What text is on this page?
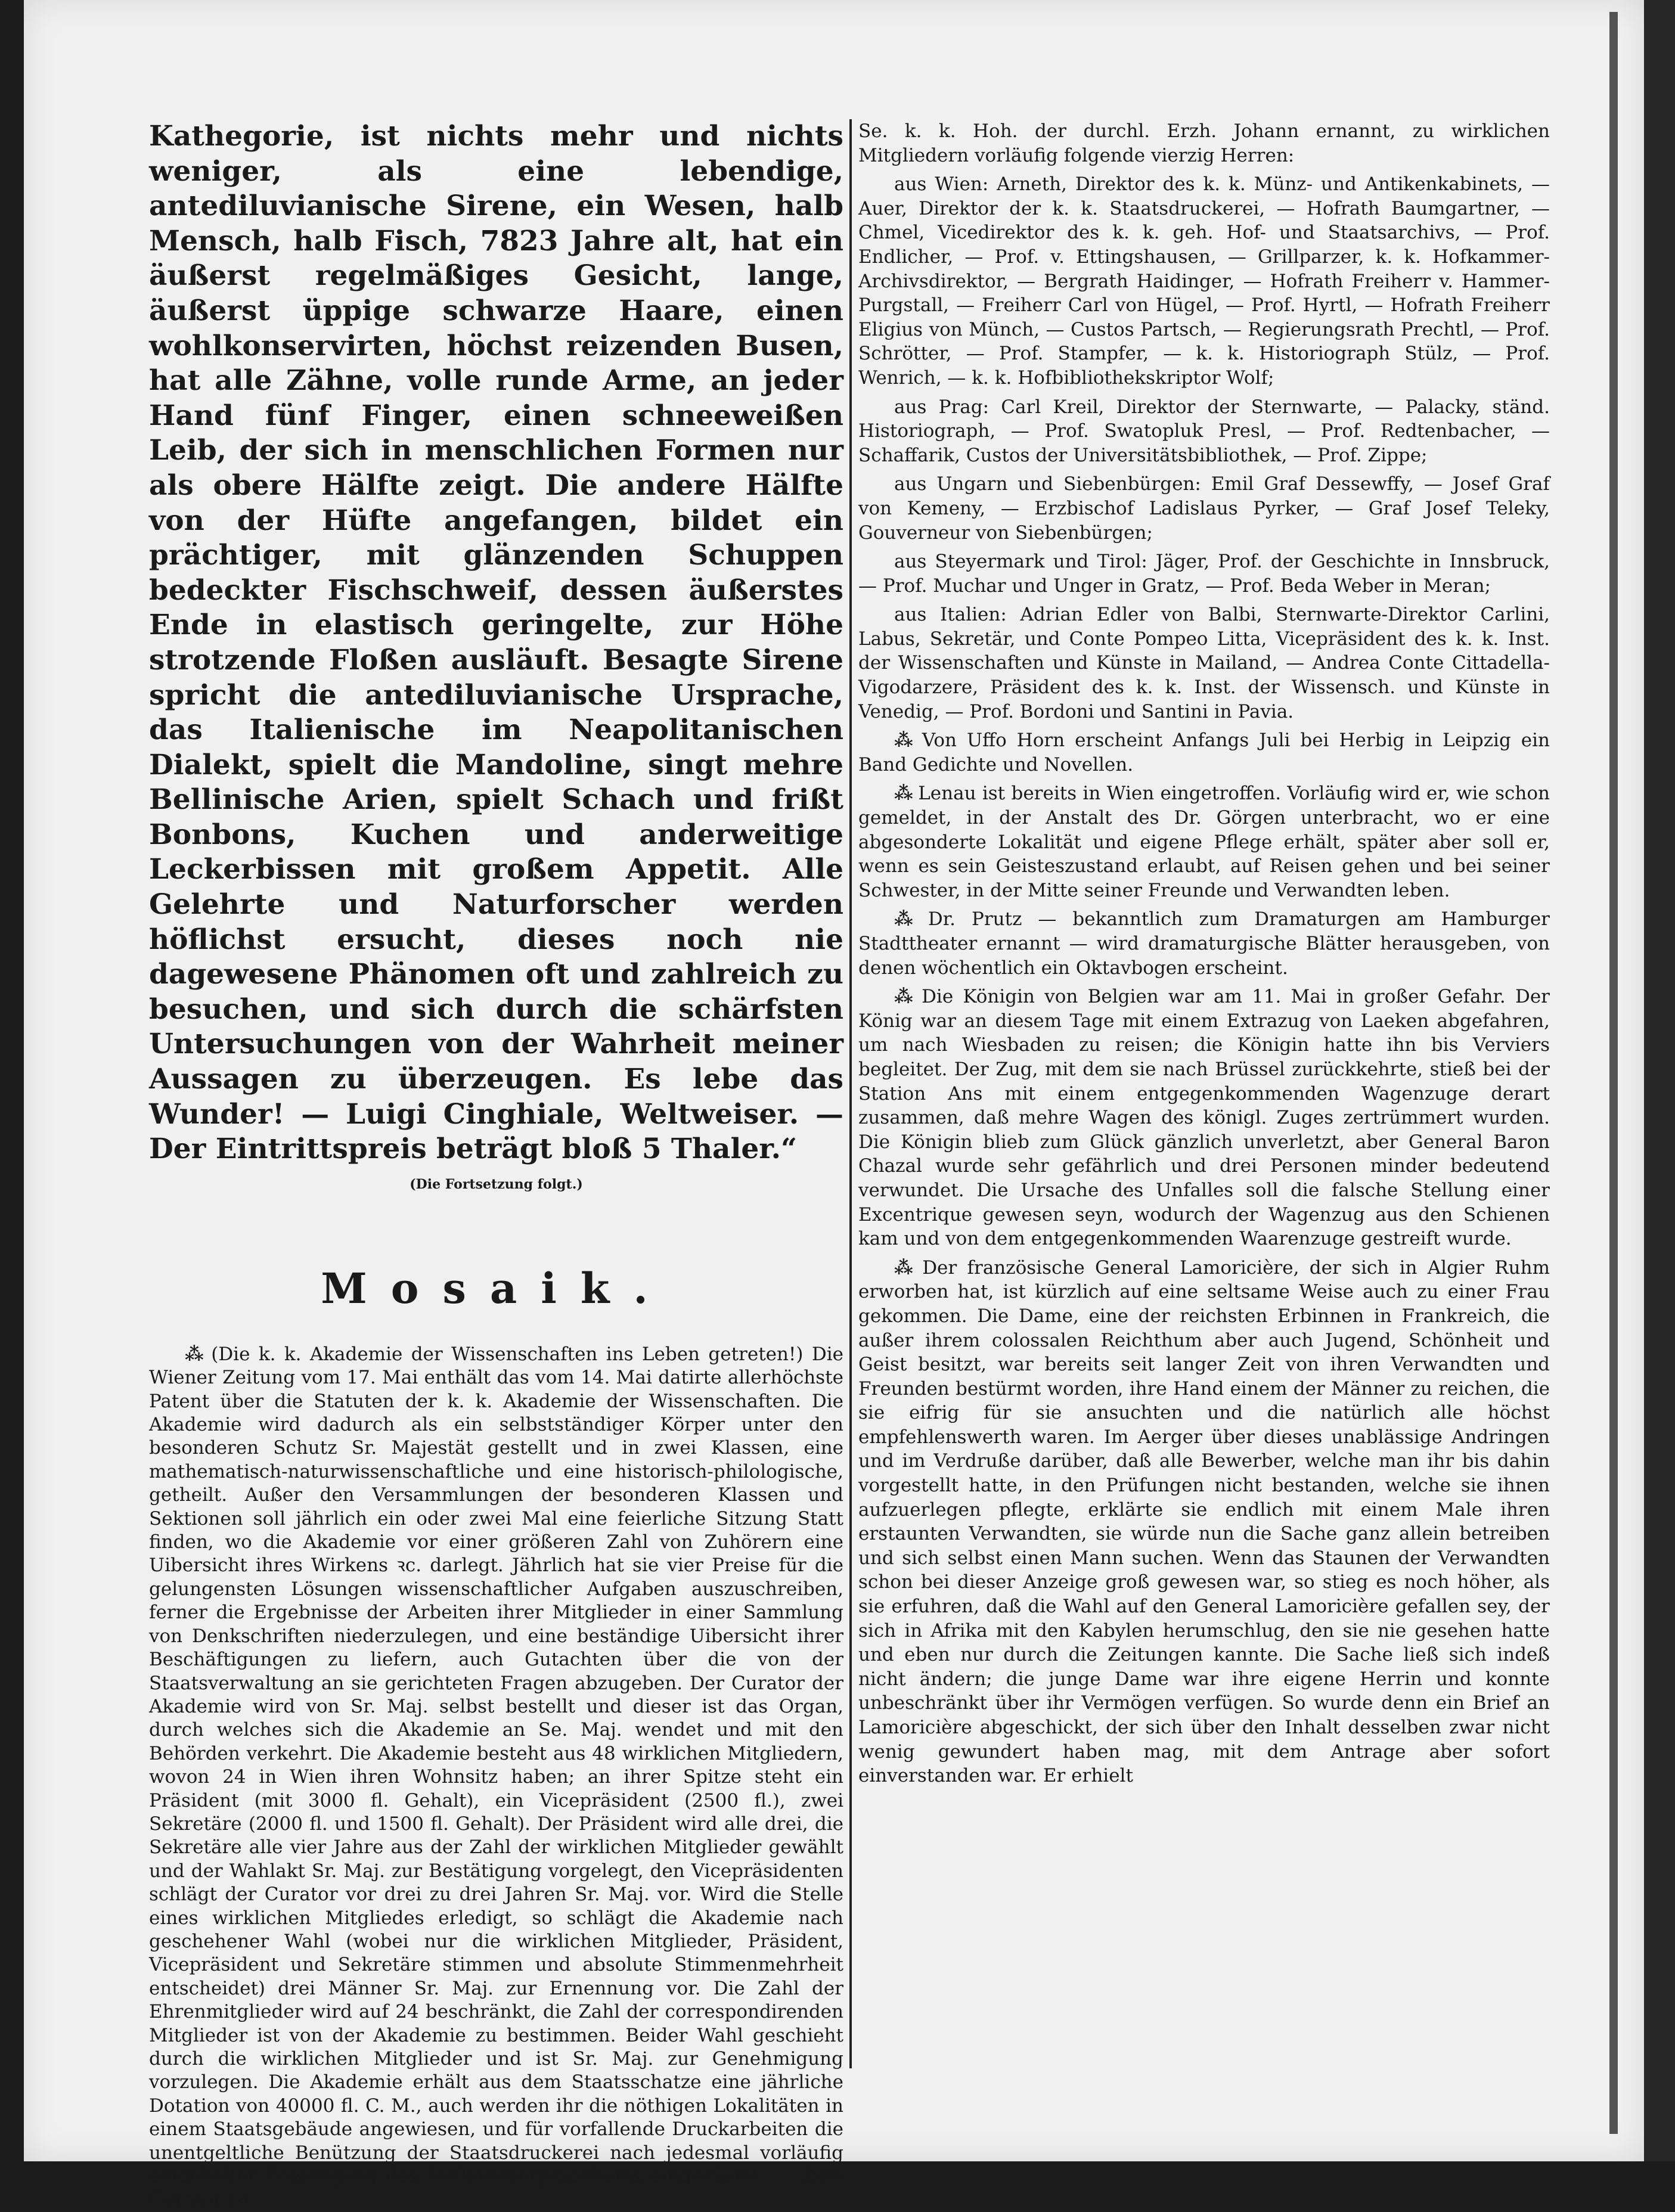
Kathegorie, ist nichts mehr und nichts weniger, als eine lebendige, antediluvianische Sirene, ein Wesen, halb Mensch, halb Fisch, 7823 Jahre alt, hat ein äußerst regelmäßiges Gesicht, lange, äußerst üppige schwarze Haare, einen wohlkonservirten, höchst reizenden Busen, hat alle Zähne, volle runde Arme, an jeder Hand fünf Finger, einen schneeweißen Leib, der sich in menschlichen Formen nur als obere Hälfte zeigt. Die andere Hälfte von der Hüfte angefangen, bildet ein prächtiger, mit glänzenden Schuppen bedeckter Fischschweif, dessen äußerstes Ende in elastisch geringelte, zur Höhe strotzende Floßen ausläuft. Besagte Sirene spricht die antediluvianische Ursprache, das Italienische im Neapolitanischen Dialekt, spielt die Mandoline, singt mehre Bellinische Arien, spielt Schach und frißt Bonbons, Kuchen und anderweitige Leckerbissen mit großem Appetit. Alle Gelehrte und Naturforscher werden höflichst ersucht, dieses noch nie dagewesene Phänomen oft und zahlreich zu besuchen, und sich durch die schärfsten Untersuchungen von der Wahrheit meiner Aussagen zu überzeugen. Es lebe das Wunder! — Luigi Cinghiale, Weltweiser. — Der Eintrittspreis beträgt bloß 5 Thaler.“

(Die Fortsetzung folgt.)

Mosaik.

⁂ (Die k. k. Akademie der Wissenschaften ins Leben getreten!) Die Wiener Zeitung vom 17. Mai enthält das vom 14. Mai datirte allerhöchste Patent über die Statuten der k. k. Akademie der Wissenschaften. Die Akademie wird dadurch als ein selbstständiger Körper unter den besonderen Schutz Sr. Majestät gestellt und in zwei Klassen, eine mathematisch-naturwissenschaftliche und eine historisch-philologische, getheilt. Außer den Versammlungen der besonderen Klassen und Sektionen soll jährlich ein oder zwei Mal eine feierliche Sitzung Statt finden, wo die Akademie vor einer größeren Zahl von Zuhörern eine Uibersicht ihres Wirkens ꝛc. darlegt. Jährlich hat sie vier Preise für die gelungensten Lösungen wissenschaftlicher Aufgaben auszuschreiben, ferner die Ergebnisse der Arbeiten ihrer Mitglieder in einer Sammlung von Denkschriften niederzulegen, und eine beständige Uibersicht ihrer Beschäftigungen zu liefern, auch Gutachten über die von der Staatsverwaltung an sie gerichteten Fragen abzugeben. Der Curator der Akademie wird von Sr. Maj. selbst bestellt und dieser ist das Organ, durch welches sich die Akademie an Se. Maj. wendet und mit den Behörden verkehrt. Die Akademie besteht aus 48 wirklichen Mitgliedern, wovon 24 in Wien ihren Wohnsitz haben; an ihrer Spitze steht ein Präsident (mit 3000 fl. Gehalt), ein Vicepräsident (2500 fl.), zwei Sekretäre (2000 fl. und 1500 fl. Gehalt). Der Präsident wird alle drei, die Sekretäre alle vier Jahre aus der Zahl der wirklichen Mitglieder gewählt und der Wahlakt Sr. Maj. zur Bestätigung vorgelegt, den Vicepräsidenten schlägt der Curator vor drei zu drei Jahren Sr. Maj. vor. Wird die Stelle eines wirklichen Mitgliedes erledigt, so schlägt die Akademie nach geschehener Wahl (wobei nur die wirklichen Mitglieder, Präsident, Vicepräsident und Sekretäre stimmen und absolute Stimmenmehrheit entscheidet) drei Männer Sr. Maj. zur Ernennung vor. Die Zahl der Ehrenmitglieder wird auf 24 beschränkt, die Zahl der correspondirenden Mitglieder ist von der Akademie zu bestimmen. Beider Wahl geschieht durch die wirklichen Mitglieder und ist Sr. Maj. zur Genehmigung vorzulegen. Die Akademie erhält aus dem Staatsschatze eine jährliche Dotation von 40000 fl. C. M., auch werden ihr die nöthigen Lokalitäten in einem Staatsgebäude angewiesen, und für vorfallende Druckarbeiten die unentgeltliche Benützung der Staatsdruckerei nach jedesmal vorläufig eingeholter Bewilligung des Hofkammerpräsidiums eingeräumt. — Zum Curator ist

Se. k. k. Hoh. der durchl. Erzh. Johann ernannt, zu wirklichen Mitgliedern vorläufig folgende vierzig Herren:

aus Wien: Arneth, Direktor des k. k. Münz- und Antikenkabinets, — Auer, Direktor der k. k. Staatsdruckerei, — Hofrath Baumgartner, — Chmel, Vicedirektor des k. k. geh. Hof- und Staatsarchivs, — Prof. Endlicher, — Prof. v. Ettingshausen, — Grillparzer, k. k. Hofkammer-Archivsdirektor, — Bergrath Haidinger, — Hofrath Freiherr v. Hammer-Purgstall, — Freiherr Carl von Hügel, — Prof. Hyrtl, — Hofrath Freiherr Eligius von Münch, — Custos Partsch, — Regierungsrath Prechtl, — Prof. Schrötter, — Prof. Stampfer, — k. k. Historiograph Stülz, — Prof. Wenrich, — k. k. Hofbibliothekskriptor Wolf;

aus Prag: Carl Kreil, Direktor der Sternwarte, — Palacky, ständ. Historiograph, — Prof. Swatopluk Presl, — Prof. Redtenbacher, — Schaffarik, Custos der Universitätsbibliothek, — Prof. Zippe;

aus Ungarn und Siebenbürgen: Emil Graf Dessewffy, — Josef Graf von Kemeny, — Erzbischof Ladislaus Pyrker, — Graf Josef Teleky, Gouverneur von Siebenbürgen;

aus Steyermark und Tirol: Jäger, Prof. der Geschichte in Innsbruck, — Prof. Muchar und Unger in Gratz, — Prof. Beda Weber in Meran;

aus Italien: Adrian Edler von Balbi, Sternwarte-Direktor Carlini, Labus, Sekretär, und Conte Pompeo Litta, Vicepräsident des k. k. Inst. der Wissenschaften und Künste in Mailand, — Andrea Conte Cittadella-Vigodarzere, Präsident des k. k. Inst. der Wissensch. und Künste in Venedig, — Prof. Bordoni und Santini in Pavia.

⁂ Von Uffo Horn erscheint Anfangs Juli bei Herbig in Leipzig ein Band Gedichte und Novellen.

⁂ Lenau ist bereits in Wien eingetroffen. Vorläufig wird er, wie schon gemeldet, in der Anstalt des Dr. Görgen unterbracht, wo er eine abgesonderte Lokalität und eigene Pflege erhält, später aber soll er, wenn es sein Geisteszustand erlaubt, auf Reisen gehen und bei seiner Schwester, in der Mitte seiner Freunde und Verwandten leben.

⁂ Dr. Prutz — bekanntlich zum Dramaturgen am Hamburger Stadttheater ernannt — wird dramaturgische Blätter herausgeben, von denen wöchentlich ein Oktavbogen erscheint.

⁂ Die Königin von Belgien war am 11. Mai in großer Gefahr. Der König war an diesem Tage mit einem Extrazug von Laeken abgefahren, um nach Wiesbaden zu reisen; die Königin hatte ihn bis Verviers begleitet. Der Zug, mit dem sie nach Brüssel zurückkehrte, stieß bei der Station Ans mit einem entgegenkommenden Wagenzuge derart zusammen, daß mehre Wagen des königl. Zuges zertrümmert wurden. Die Königin blieb zum Glück gänzlich unverletzt, aber General Baron Chazal wurde sehr gefährlich und drei Personen minder bedeutend verwundet. Die Ursache des Unfalles soll die falsche Stellung einer Excentrique gewesen seyn, wodurch der Wagenzug aus den Schienen kam und von dem entgegenkommenden Waarenzuge gestreift wurde.

⁂ Der französische General Lamoricière, der sich in Algier Ruhm erworben hat, ist kürzlich auf eine seltsame Weise auch zu einer Frau gekommen. Die Dame, eine der reichsten Erbinnen in Frankreich, die außer ihrem colossalen Reichthum aber auch Jugend, Schönheit und Geist besitzt, war bereits seit langer Zeit von ihren Verwandten und Freunden bestürmt worden, ihre Hand einem der Männer zu reichen, die sie eifrig für sie ansuchten und die natürlich alle höchst empfehlenswerth waren. Im Aerger über dieses unablässige Andringen und im Verdruße darüber, daß alle Bewerber, welche man ihr bis dahin vorgestellt hatte, in den Prüfungen nicht bestanden, welche sie ihnen aufzuerlegen pflegte, erklärte sie endlich mit einem Male ihren erstaunten Verwandten, sie würde nun die Sache ganz allein betreiben und sich selbst einen Mann suchen. Wenn das Staunen der Verwandten schon bei dieser Anzeige groß gewesen war, so stieg es noch höher, als sie erfuhren, daß die Wahl auf den General Lamoricière gefallen sey, der sich in Afrika mit den Kabylen herumschlug, den sie nie gesehen hatte und eben nur durch die Zeitungen kannte. Die Sache ließ sich indeß nicht ändern; die junge Dame war ihre eigene Herrin und konnte unbeschränkt über ihr Vermögen verfügen. So wurde denn ein Brief an Lamoricière abgeschickt, der sich über den Inhalt desselben zwar nicht wenig gewundert haben mag, mit dem Antrage aber sofort einverstanden war. Er erhielt
